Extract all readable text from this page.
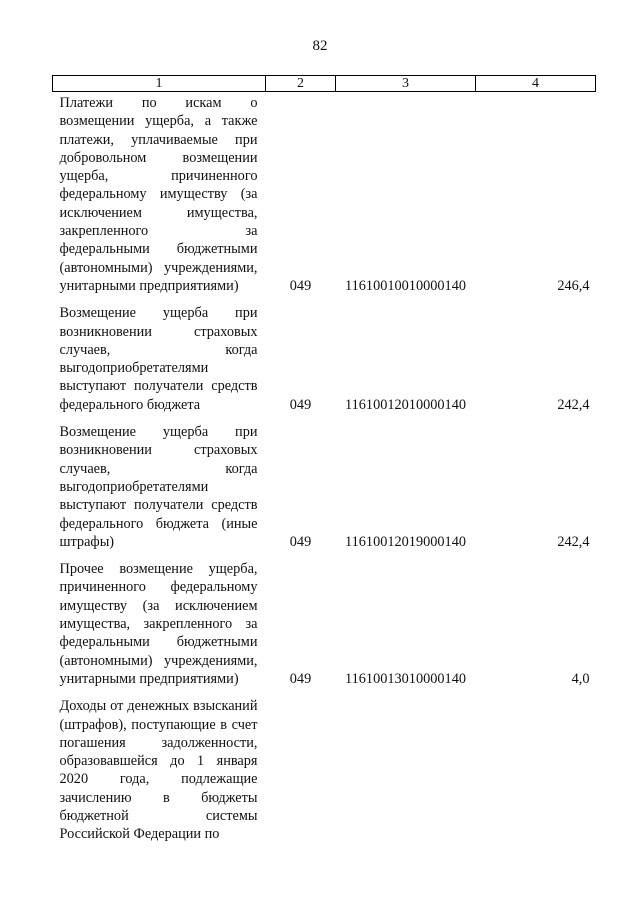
82
1	2	3	4
Платежи по искам о возмещении ущерба, а также платежи, уплачиваемые при добровольном возмещении ущерба, причиненного федеральному имуществу (за исключением имущества, закрепленного за федеральными бюджетными (автономными) учреждениями, унитарными предприятиями)	049	11610010010000140	246,4
Возмещение ущерба при возникновении страховых случаев, когда выгодоприобретателями выступают получатели средств федерального бюджета	049	11610012010000140	242,4
Возмещение ущерба при возникновении страховых случаев, когда выгодоприобретателями выступают получатели средств федерального бюджета (иные штрафы)	049	11610012019000140	242,4
Прочее возмещение ущерба, причиненного федеральному имуществу (за исключением имущества, закрепленного за федеральными бюджетными (автономными) учреждениями, унитарными предприятиями)	049	11610013010000140	4,0
Доходы от денежных взысканий (штрафов), поступающие в счет погашения задолженности, образовавшейся до 1 января 2020 года, подлежащие зачислению в бюджеты бюджетной системы Российской Федерации по			
